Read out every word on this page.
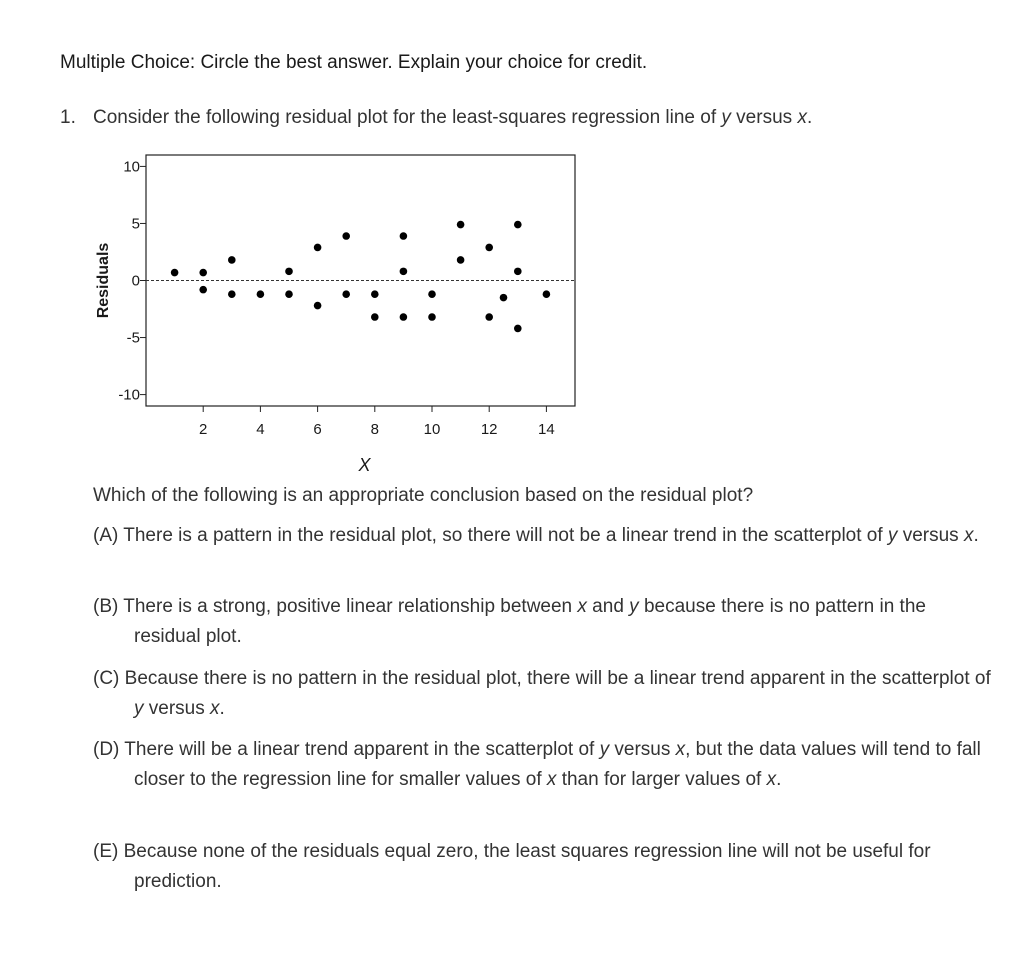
Multiple Choice: Circle the best answer. Explain your choice for credit.
1. Consider the following residual plot for the least-squares regression line of y versus x.
10
5
0
-5
-10
2	4	6	8	10	12	14
X
Residuals
Which of the following is an appropriate conclusion based on the residual plot?
(A) There is a pattern in the residual plot, so there will not be a linear trend in the scatterplot of y versus x.
(B) There is a strong, positive linear relationship between x and y because there is no pattern in the residual plot.
(C) Because there is no pattern in the residual plot, there will be a linear trend apparent in the scatterplot of y versus x.
(D) There will be a linear trend apparent in the scatterplot of y versus x, but the data values will tend to fall closer to the regression line for smaller values of x than for larger values of x.
(E) Because none of the residuals equal zero, the least squares regression line will not be useful for prediction.
